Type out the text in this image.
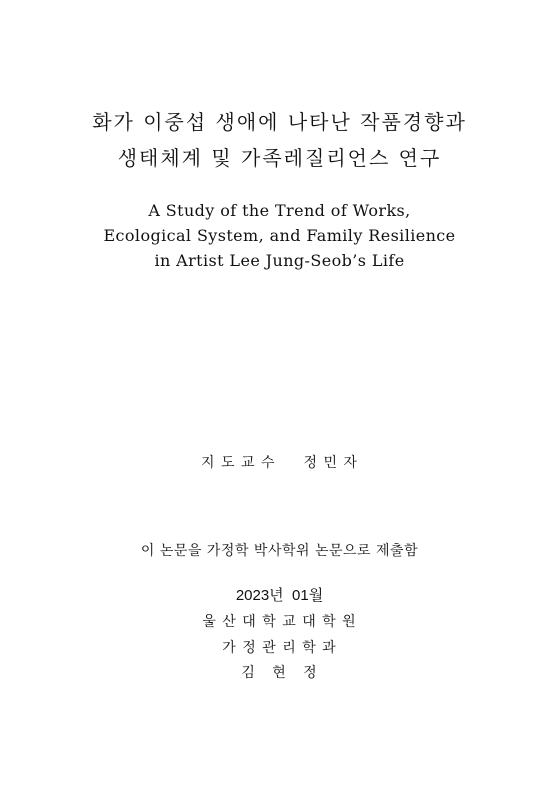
화가 이중섭 생애에 나타난 작품경향과
생태체계 및 가족레질리언스 연구
A Study of the Trend of Works,
Ecological System, and Family Resilience
in Artist Lee Jung-Seob’s Life
지 도 교 수 정 민 자
이 논문을 가정학 박사학위 논문으로 제출함
2023년  01월
울 산 대 학 교 대 학 원
가 정 관 리 학 과
김   현   정
